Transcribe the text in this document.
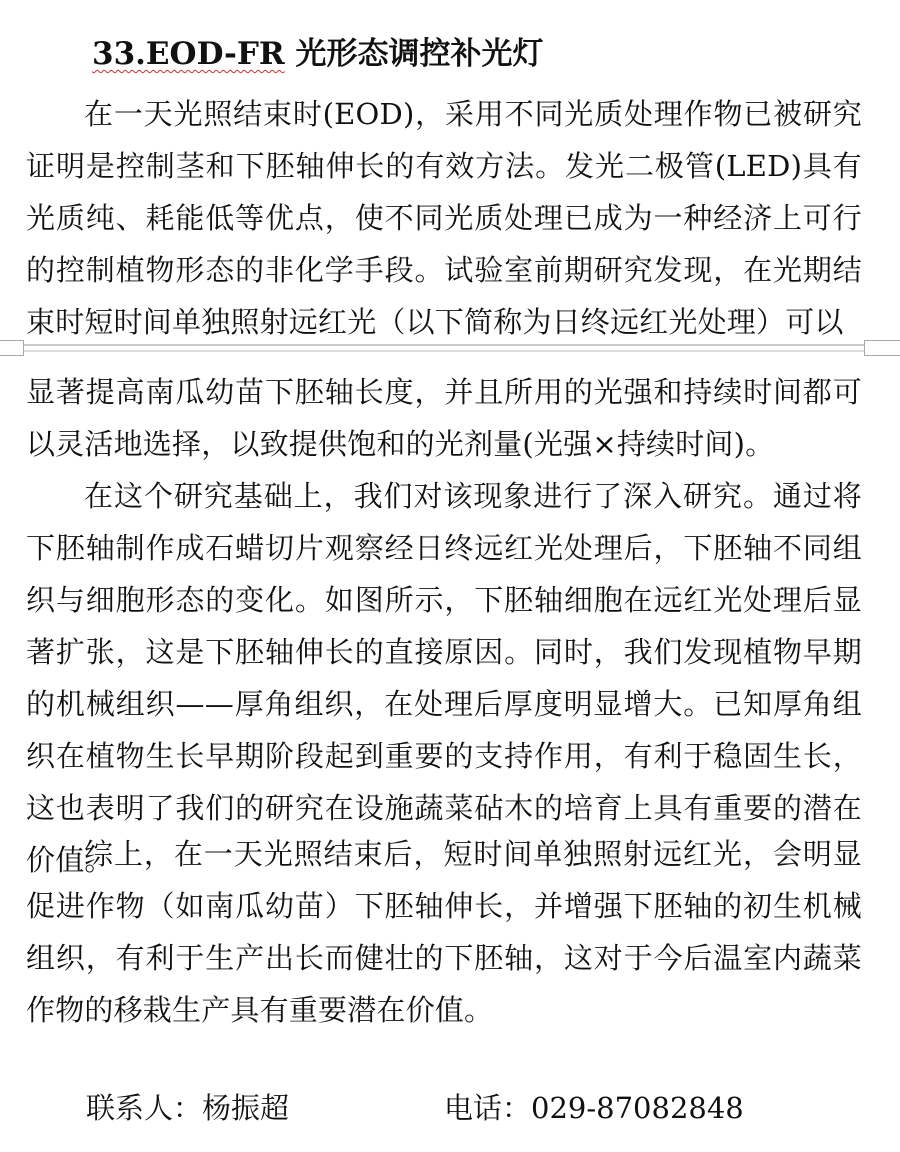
33.EOD-FR 光形态调控补光灯

在一天光照结束时(EOD)，采用不同光质处理作物已被研究证明是控制茎和下胚轴伸长的有效方法。发光二极管(LED)具有光质纯、耗能低等优点，使不同光质处理已成为一种经济上可行的控制植物形态的非化学手段。试验室前期研究发现，在光期结束时短时间单独照射远红光（以下简称为日终远红光处理）可以

显著提高南瓜幼苗下胚轴长度，并且所用的光强和持续时间都可以灵活地选择，以致提供饱和的光剂量(光强×持续时间)。

在这个研究基础上，我们对该现象进行了深入研究。通过将下胚轴制作成石蜡切片观察经日终远红光处理后，下胚轴不同组织与细胞形态的变化。如图所示，下胚轴细胞在远红光处理后显著扩张，这是下胚轴伸长的直接原因。同时，我们发现植物早期的机械组织——厚角组织，在处理后厚度明显增大。已知厚角组织在植物生长早期阶段起到重要的支持作用，有利于稳固生长，这也表明了我们的研究在设施蔬菜砧木的培育上具有重要的潜在价值。

综上，在一天光照结束后，短时间单独照射远红光，会明显促进作物（如南瓜幼苗）下胚轴伸长，并增强下胚轴的初生机械组织，有利于生产出长而健壮的下胚轴，这对于今后温室内蔬菜作物的移栽生产具有重要潜在价值。

联系人：杨振超	电话：029-87082848
